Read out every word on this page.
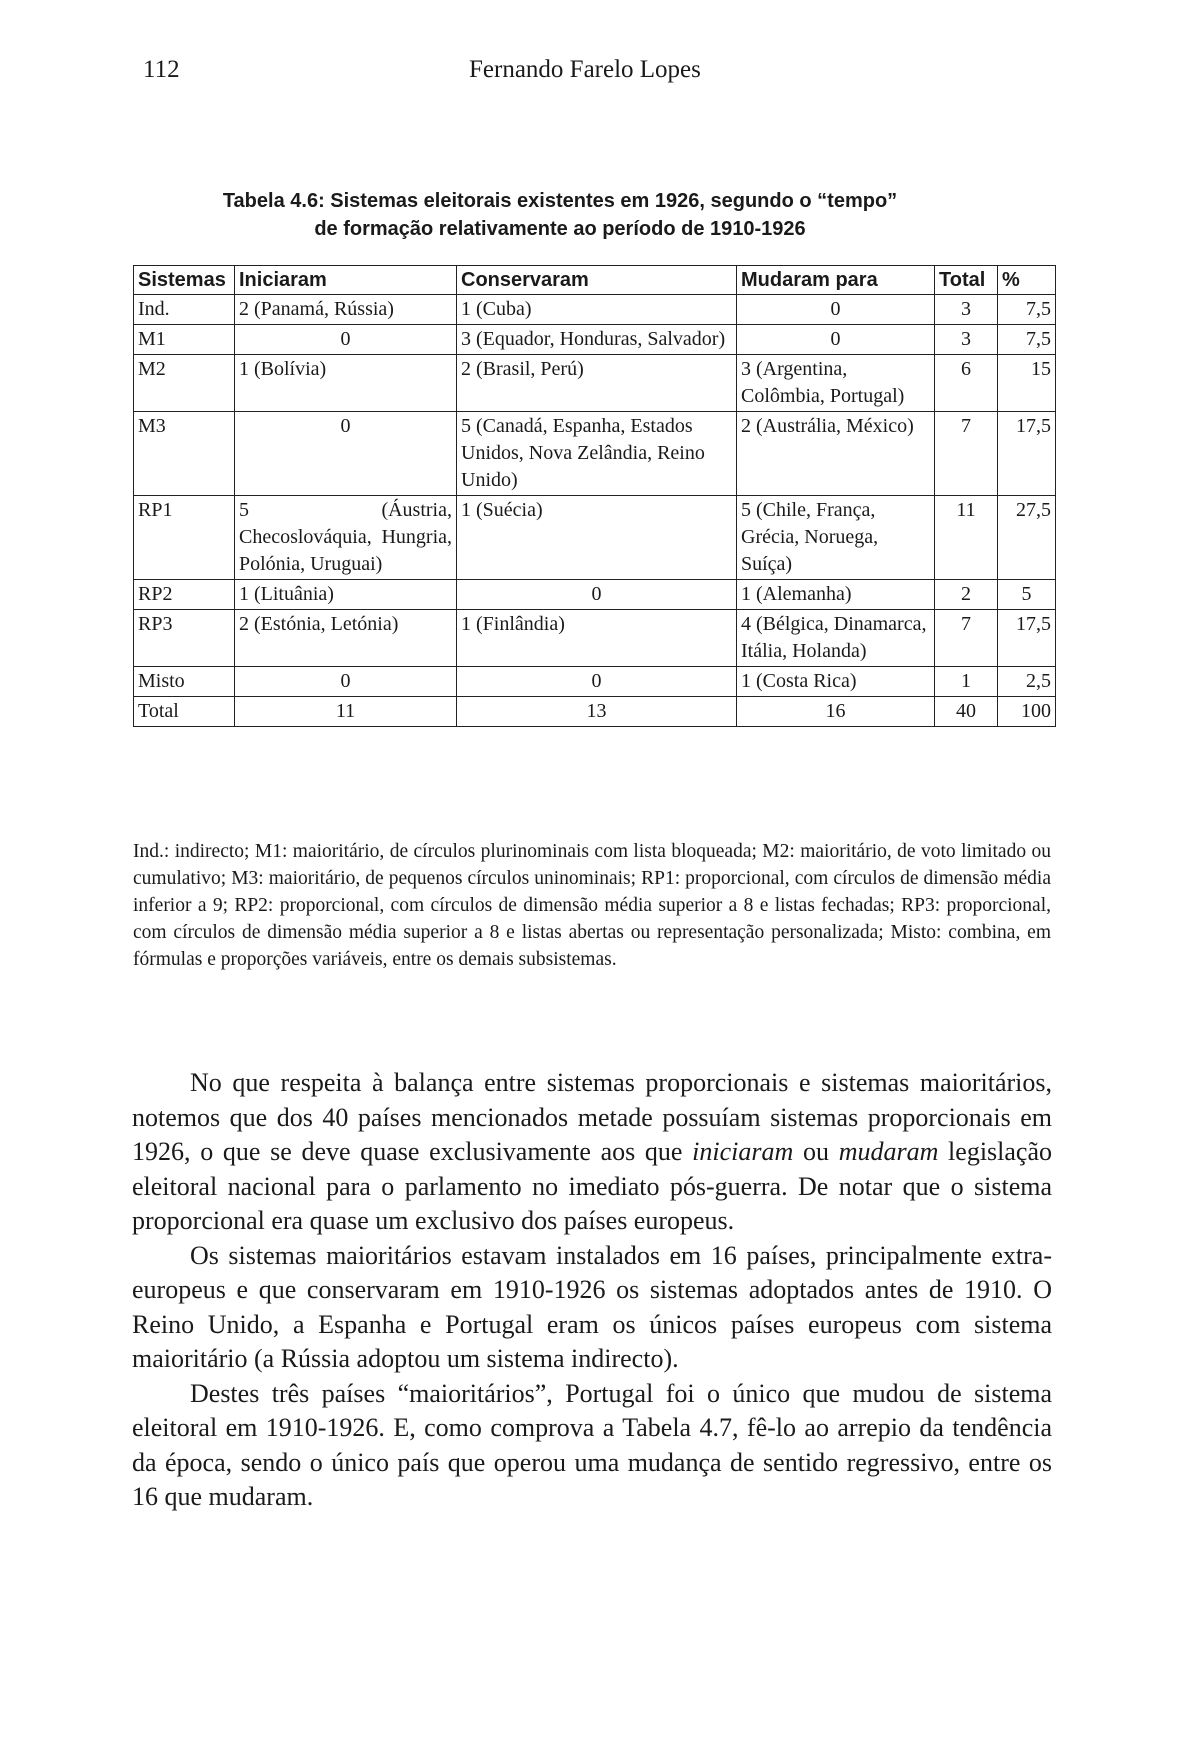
112	Fernando Farelo Lopes
Tabela 4.6: Sistemas eleitorais existentes em 1926, segundo o “tempo”
de formação relativamente ao período de 1910-1926
Sistemas	Iniciaram	Conservaram	Mudaram para	Total	%
Ind.	2 (Panamá, Rússia)	1 (Cuba)	0	3	7,5
M1	0	3 (Equador, Honduras, Salvador)	0	3	7,5
M2	1 (Bolívia)	2 (Brasil, Perú)	3 (Argentina, Colômbia, Portugal)	6	15
M3	0	5 (Canadá, Espanha, Estados Unidos, Nova Zelândia, Reino Unido)	2 (Austrália, México)	7	17,5
RP1	5 (Áustria, Checoslováquia, Hungria, Polónia, Uruguai)	1 (Suécia)	5 (Chile, França, Grécia, Noruega, Suíça)	11	27,5
RP2	1 (Lituânia)	0	1 (Alemanha)	2	5
RP3	2 (Estónia, Letónia)	1 (Finlândia)	4 (Bélgica, Dinamarca, Itália, Holanda)	7	17,5
Misto	0	0	1 (Costa Rica)	1	2,5
Total	11	13	16	40	100
Ind.: indirecto; M1: maioritário, de círculos plurinominais com lista bloqueada; M2: maioritário, de voto limitado ou cumulativo; M3: maioritário, de pequenos círculos uninominais; RP1: proporcional, com círculos de dimensão média inferior a 9; RP2: proporcional, com círculos de dimensão média superior a 8 e listas fechadas; RP3: proporcional, com círculos de dimensão média superior a 8 e listas abertas ou representação personalizada; Misto: combina, em fórmulas e proporções variáveis, entre os demais subsistemas.

No que respeita à balança entre sistemas proporcionais e sistemas maioritários, notemos que dos 40 países mencionados metade possuíam sistemas proporcionais em 1926, o que se deve quase exclusivamente aos que iniciaram ou mudaram legislação eleitoral nacional para o parlamento no imediato pós-guerra. De notar que o sistema proporcional era quase um exclusivo dos países europeus.

Os sistemas maioritários estavam instalados em 16 países, principalmente extra-europeus e que conservaram em 1910-1926 os sistemas adoptados antes de 1910. O Reino Unido, a Espanha e Portugal eram os únicos países europeus com sistema maioritário (a Rússia adoptou um sistema indirecto).

Destes três países “maioritários”, Portugal foi o único que mudou de sistema eleitoral em 1910-1926. E, como comprova a Tabela 4.7, fê-lo ao arrepio da tendência da época, sendo o único país que operou uma mudança de sentido regressivo, entre os 16 que mudaram.
